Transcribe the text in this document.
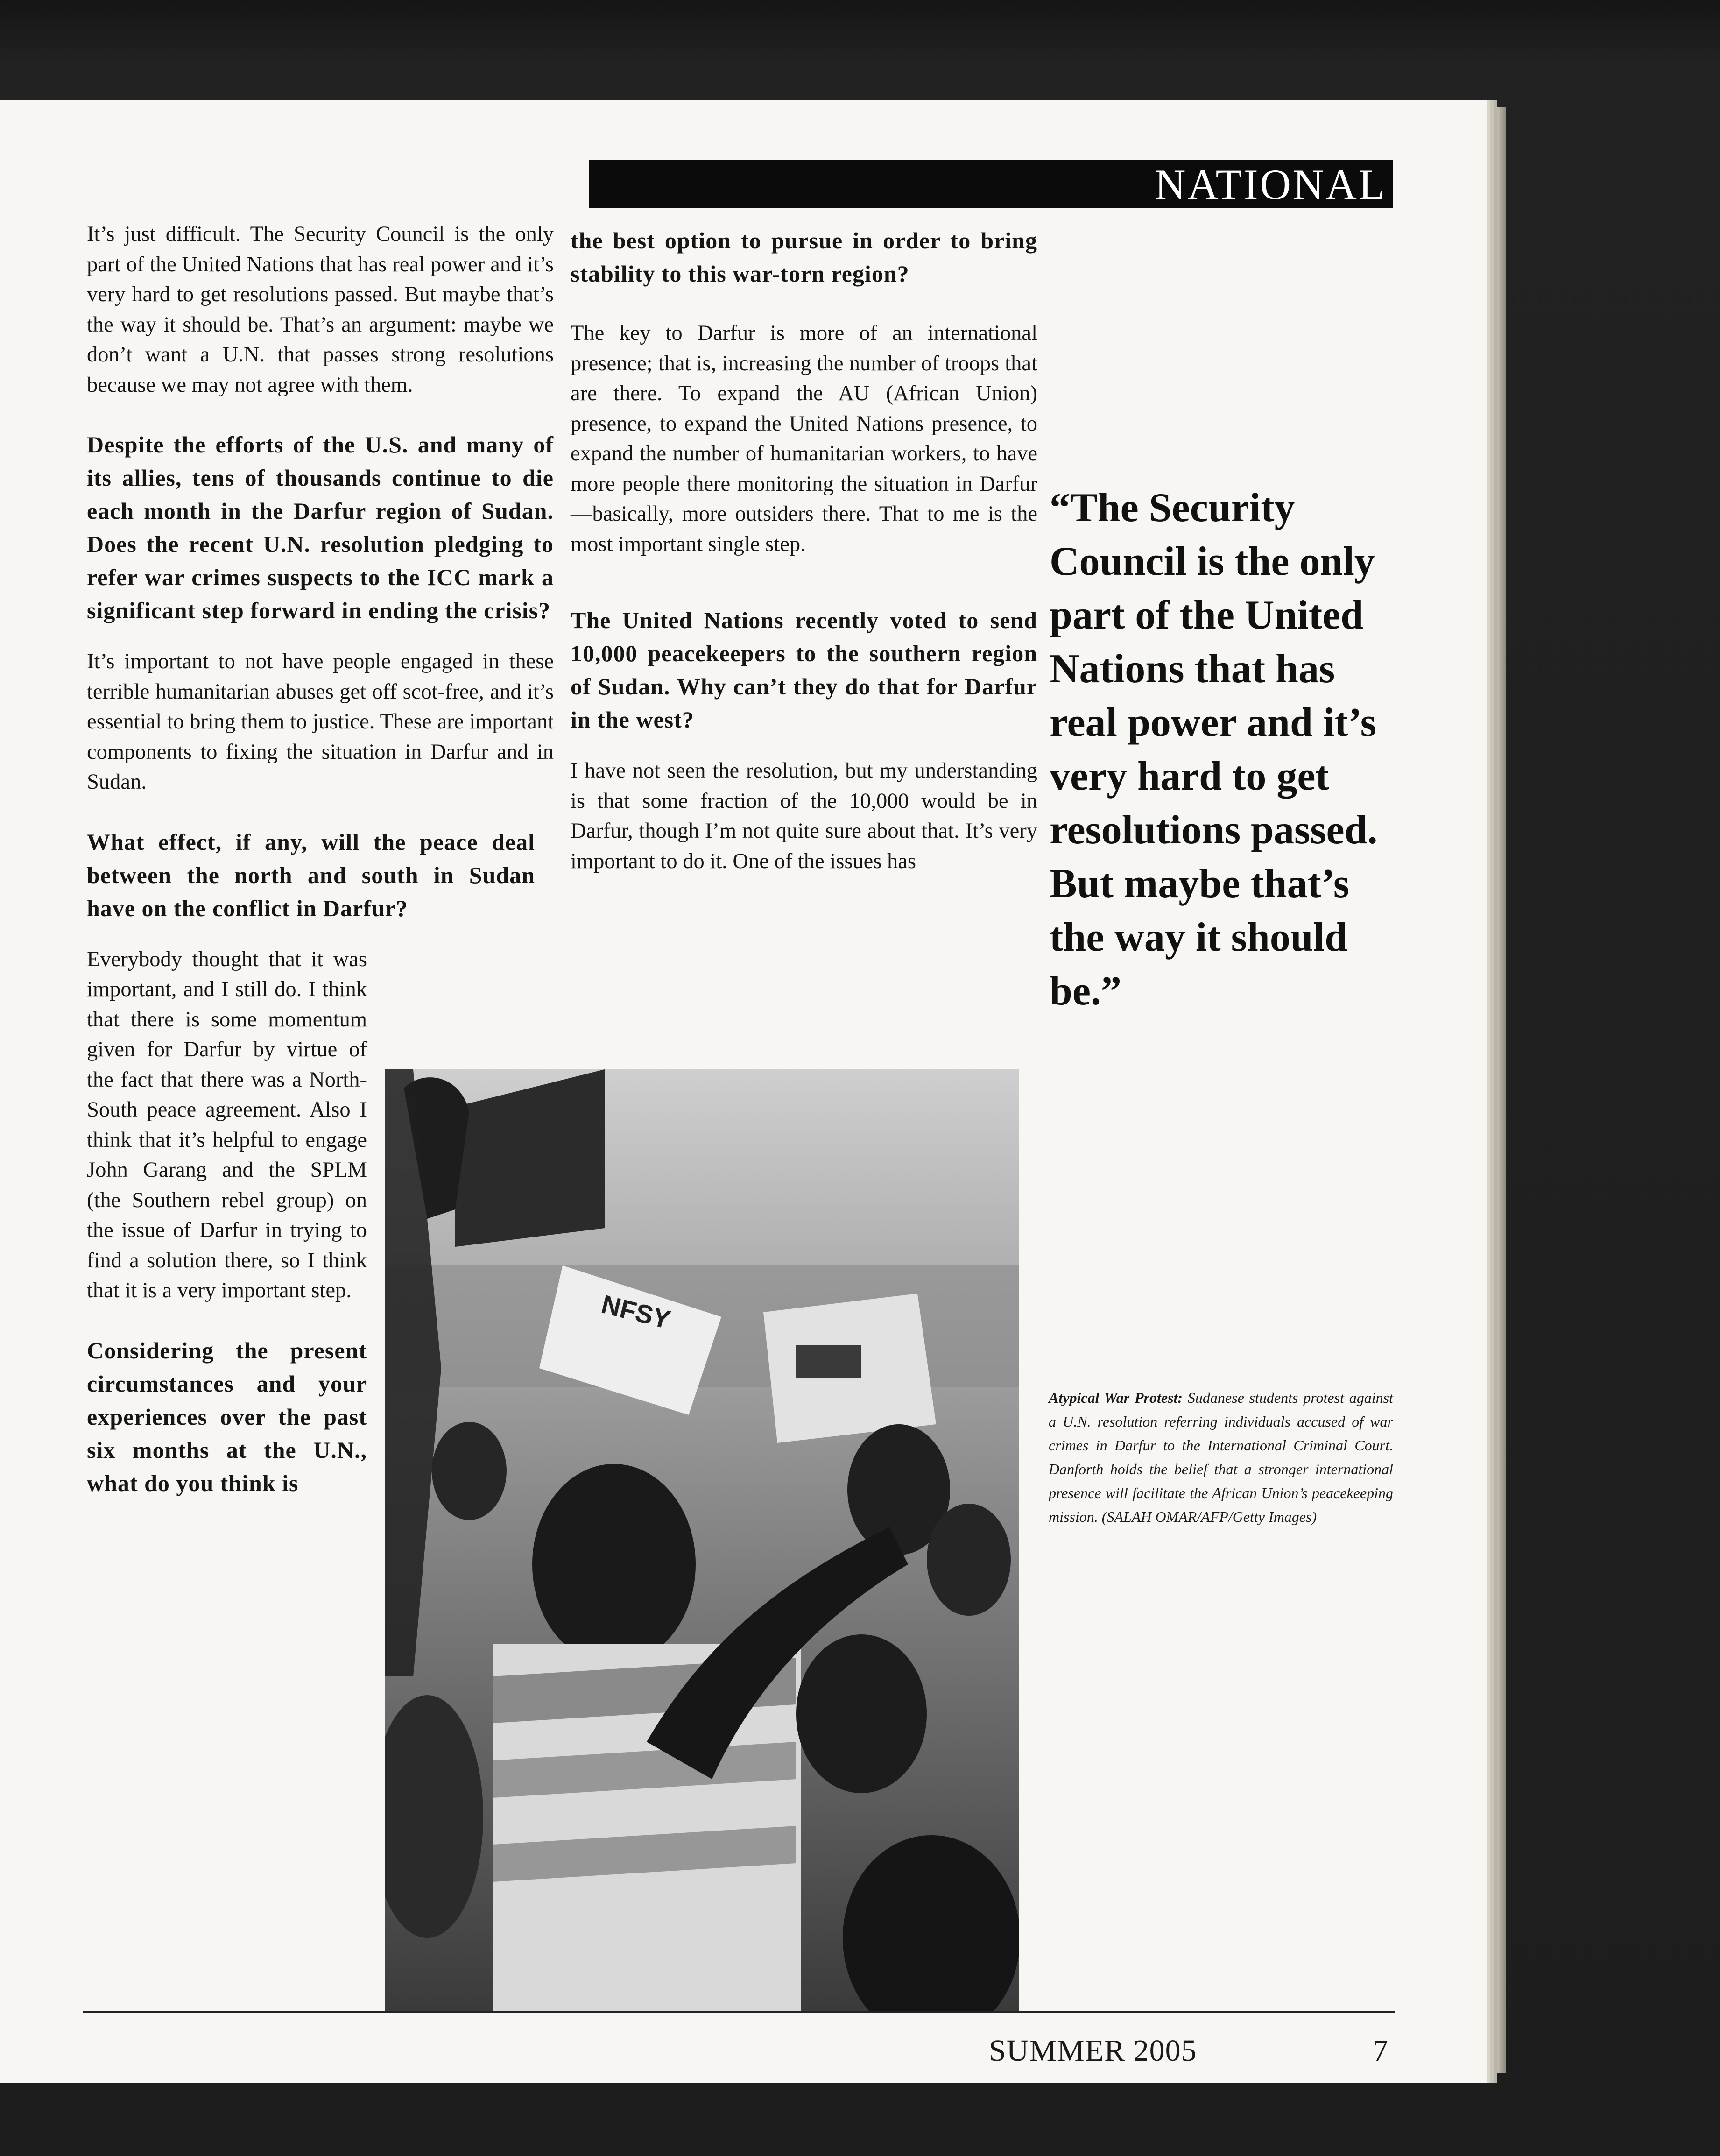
NATIONAL

It’s just difficult. The Security Council is the only part of the United Nations that has real power and it’s very hard to get resolutions passed. But maybe that’s the way it should be. That’s an argument: maybe we don’t want a U.N. that passes strong resolutions because we may not agree with them.

Despite the efforts of the U.S. and many of its allies, tens of thousands continue to die each month in the Darfur region of Sudan. Does the recent U.N. resolution pledging to refer war crimes suspects to the ICC mark a significant step forward in ending the crisis?

It’s important to not have people engaged in these terrible humanitarian abuses get off scot-free, and it’s essential to bring them to justice. These are important components to fixing the situation in Darfur and in Sudan.

What effect, if any, will the peace deal between the north and south in Sudan have on the conflict in Darfur?

Everybody thought that it was important, and I still do. I think that there is some momentum given for Darfur by virtue of the fact that there was a North-South peace agreement. Also I think that it’s helpful to engage John Garang and the SPLM (the Southern rebel group) on the issue of Darfur in trying to find a solution there, so I think that it is a very important step.

Considering the present circumstances and your experiences over the past six months at the U.N., what do you think is

the best option to pursue in order to bring stability to this war-torn region?

The key to Darfur is more of an international presence; that is, increasing the number of troops that are there. To expand the AU (African Union) presence, to expand the United Nations presence, to expand the number of humanitarian workers, to have more people there monitoring the situation in Darfur—basically, more outsiders there. That to me is the most important single step.

The United Nations recently voted to send 10,000 peacekeepers to the southern region of Sudan. Why can’t they do that for Darfur in the west?

I have not seen the resolution, but my understanding is that some fraction of the 10,000 would be in Darfur, though I’m not quite sure about that. It’s very important to do it. One of the issues has

NFSY
“The Security Council is the only part of the United Nations that has real power and it’s very hard to get resolutions passed. But maybe that’s the way it should be.”
Atypical War Protest: Sudanese students protest against a U.N. resolution referring individuals accused of war crimes in Darfur to the International Criminal Court. Danforth holds the belief that a stronger international presence will facilitate the African Union’s peacekeeping mission. (SALAH OMAR/AFP/Getty Images)
SUMMER 2005	7
